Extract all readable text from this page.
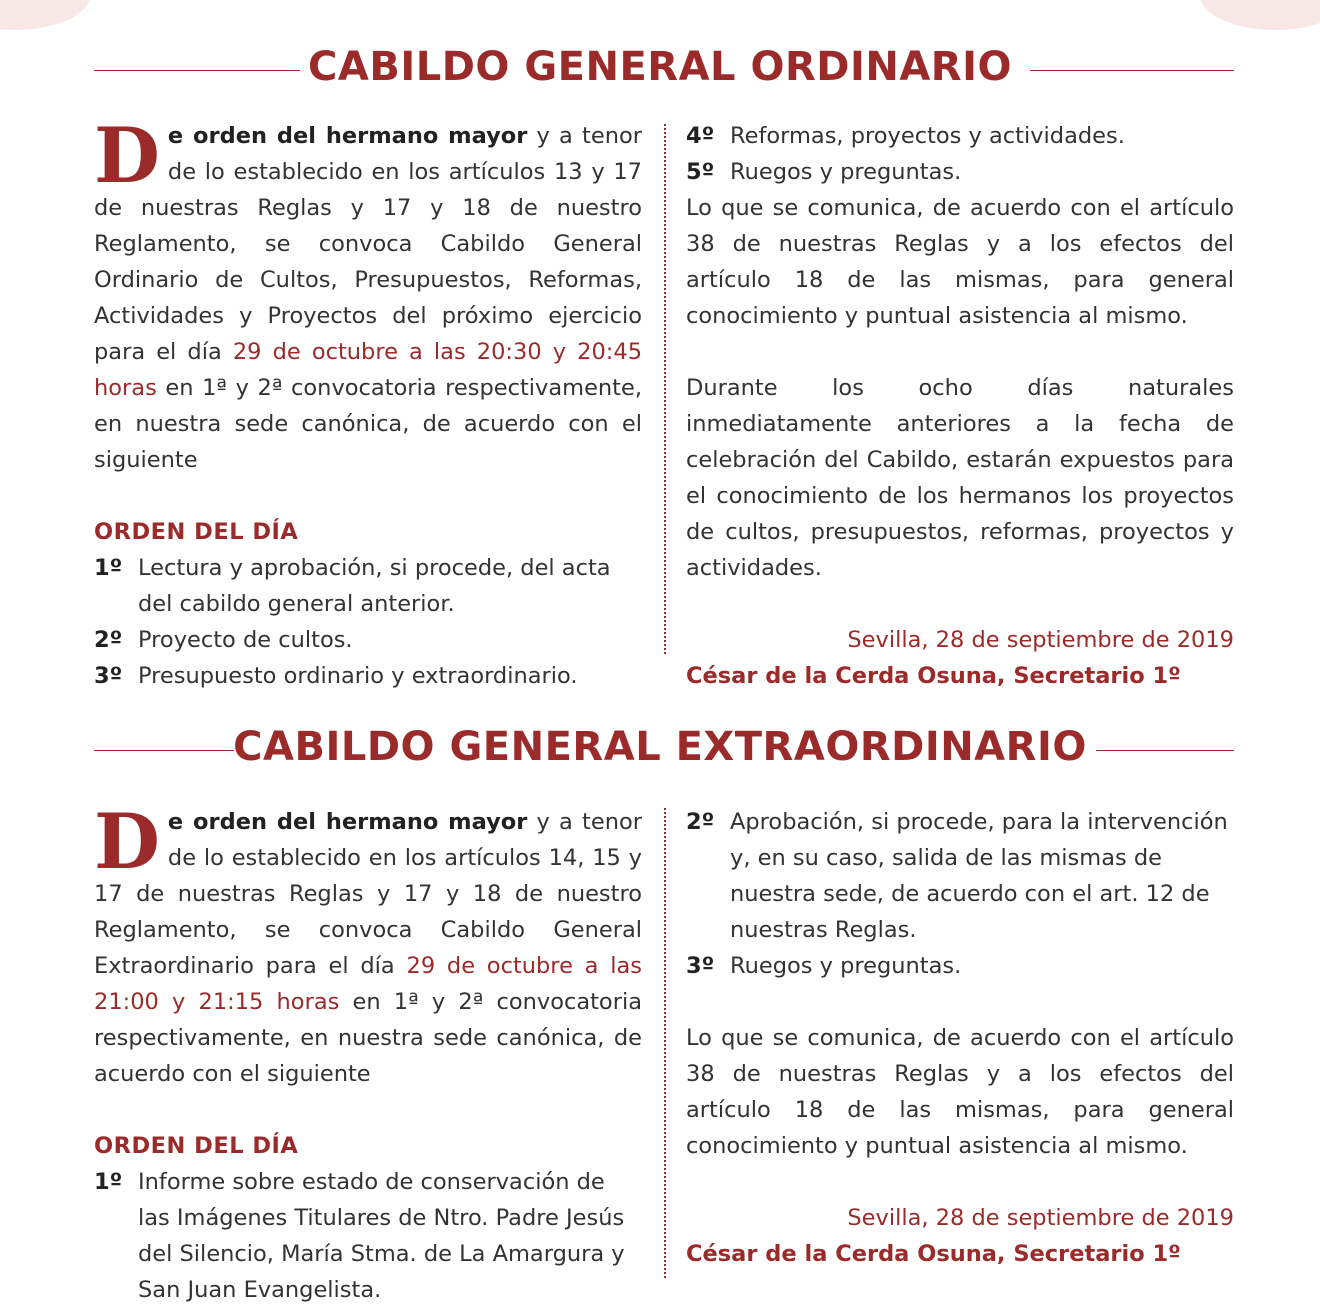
CABILDO GENERAL ORDINARIO

De orden del hermano mayor y a tenor de lo establecido en los artículos 13 y 17 de nuestras Reglas y 17 y 18 de nuestro Reglamento, se convoca Cabildo General Ordinario de Cultos, Presupuestos, Reformas, Actividades y Proyectos del próximo ejercicio para el día 29 de octubre a las 20:30 y 20:45 horas en 1ª y 2ª convocatoria respectivamente, en nuestra sede canónica, de acuerdo con el siguiente

ORDEN DEL DÍA

1º Lectura y aprobación, si procede, del acta del cabildo general anterior.
2º Proyecto de cultos.
3º Presupuesto ordinario y extraordinario.
4º Reformas, proyectos y actividades.
5º Ruegos y preguntas.

Lo que se comunica, de acuerdo con el artículo 38 de nuestras Reglas y a los efectos del artículo 18 de las mismas, para general conocimiento y puntual asistencia al mismo.

Durante los ocho días naturales inmediatamente anteriores a la fecha de celebración del Cabildo, estarán expuestos para el conocimiento de los hermanos los proyectos de cultos, presupuestos, reformas, proyectos y actividades.

Sevilla, 28 de septiembre de 2019

César de la Cerda Osuna, Secretario 1º

CABILDO GENERAL EXTRAORDINARIO

De orden del hermano mayor y a tenor de lo establecido en los artículos 14, 15 y 17 de nuestras Reglas y 17 y 18 de nuestro Reglamento, se convoca Cabildo General Extraordinario para el día 29 de octubre a las 21:00 y 21:15 horas en 1ª y 2ª convocatoria respectivamente, en nuestra sede canónica, de acuerdo con el siguiente

ORDEN DEL DÍA

1º Informe sobre estado de conservación de las Imágenes Titulares de Ntro. Padre Jesús del Silencio, María Stma. de La Amargura y San Juan Evangelista.
2º Aprobación, si procede, para la intervención y, en su caso, salida de las mismas de nuestra sede, de acuerdo con el art. 12 de nuestras Reglas.
3º Ruegos y preguntas.

Lo que se comunica, de acuerdo con el artículo 38 de nuestras Reglas y a los efectos del artículo 18 de las mismas, para general conocimiento y puntual asistencia al mismo.

Sevilla, 28 de septiembre de 2019

César de la Cerda Osuna, Secretario 1º
